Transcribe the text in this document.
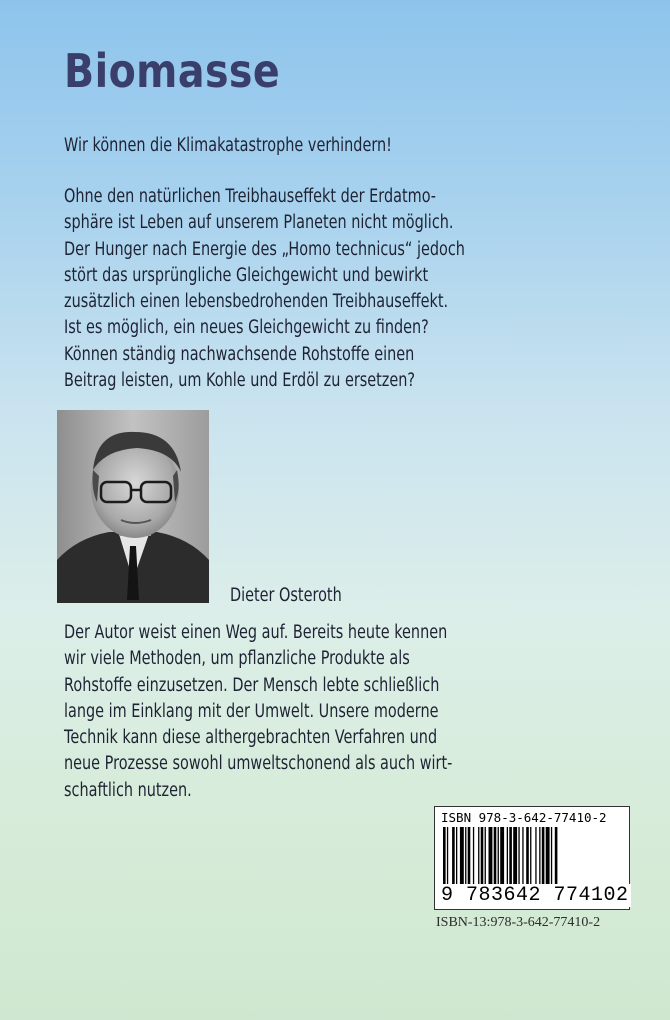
Biomasse

Wir können die Klimakatastrophe verhindern!

Ohne den natürlichen Treibhauseffekt der Erdatmo-
sphäre ist Leben auf unserem Planeten nicht möglich.
Der Hunger nach Energie des „Homo technicus“ jedoch
stört das ursprüngliche Gleichgewicht und bewirkt
zusätzlich einen lebensbedrohenden Treibhauseffekt.
Ist es möglich, ein neues Gleichgewicht zu finden?
Können ständig nachwachsende Rohstoffe einen
Beitrag leisten, um Kohle und Erdöl zu ersetzen?

Dieter Osteroth

Der Autor weist einen Weg auf. Bereits heute kennen
wir viele Methoden, um pflanzliche Produkte als
Rohstoffe einzusetzen. Der Mensch lebte schließlich
lange im Einklang mit der Umwelt. Unsere moderne
Technik kann diese althergebrachten Verfahren und
neue Prozesse sowohl umweltschonend als auch wirt-
schaftlich nutzen.

ISBN 978-3-642-77410-2

9 783642 774102

ISBN-13:978-3-642-77410-2
